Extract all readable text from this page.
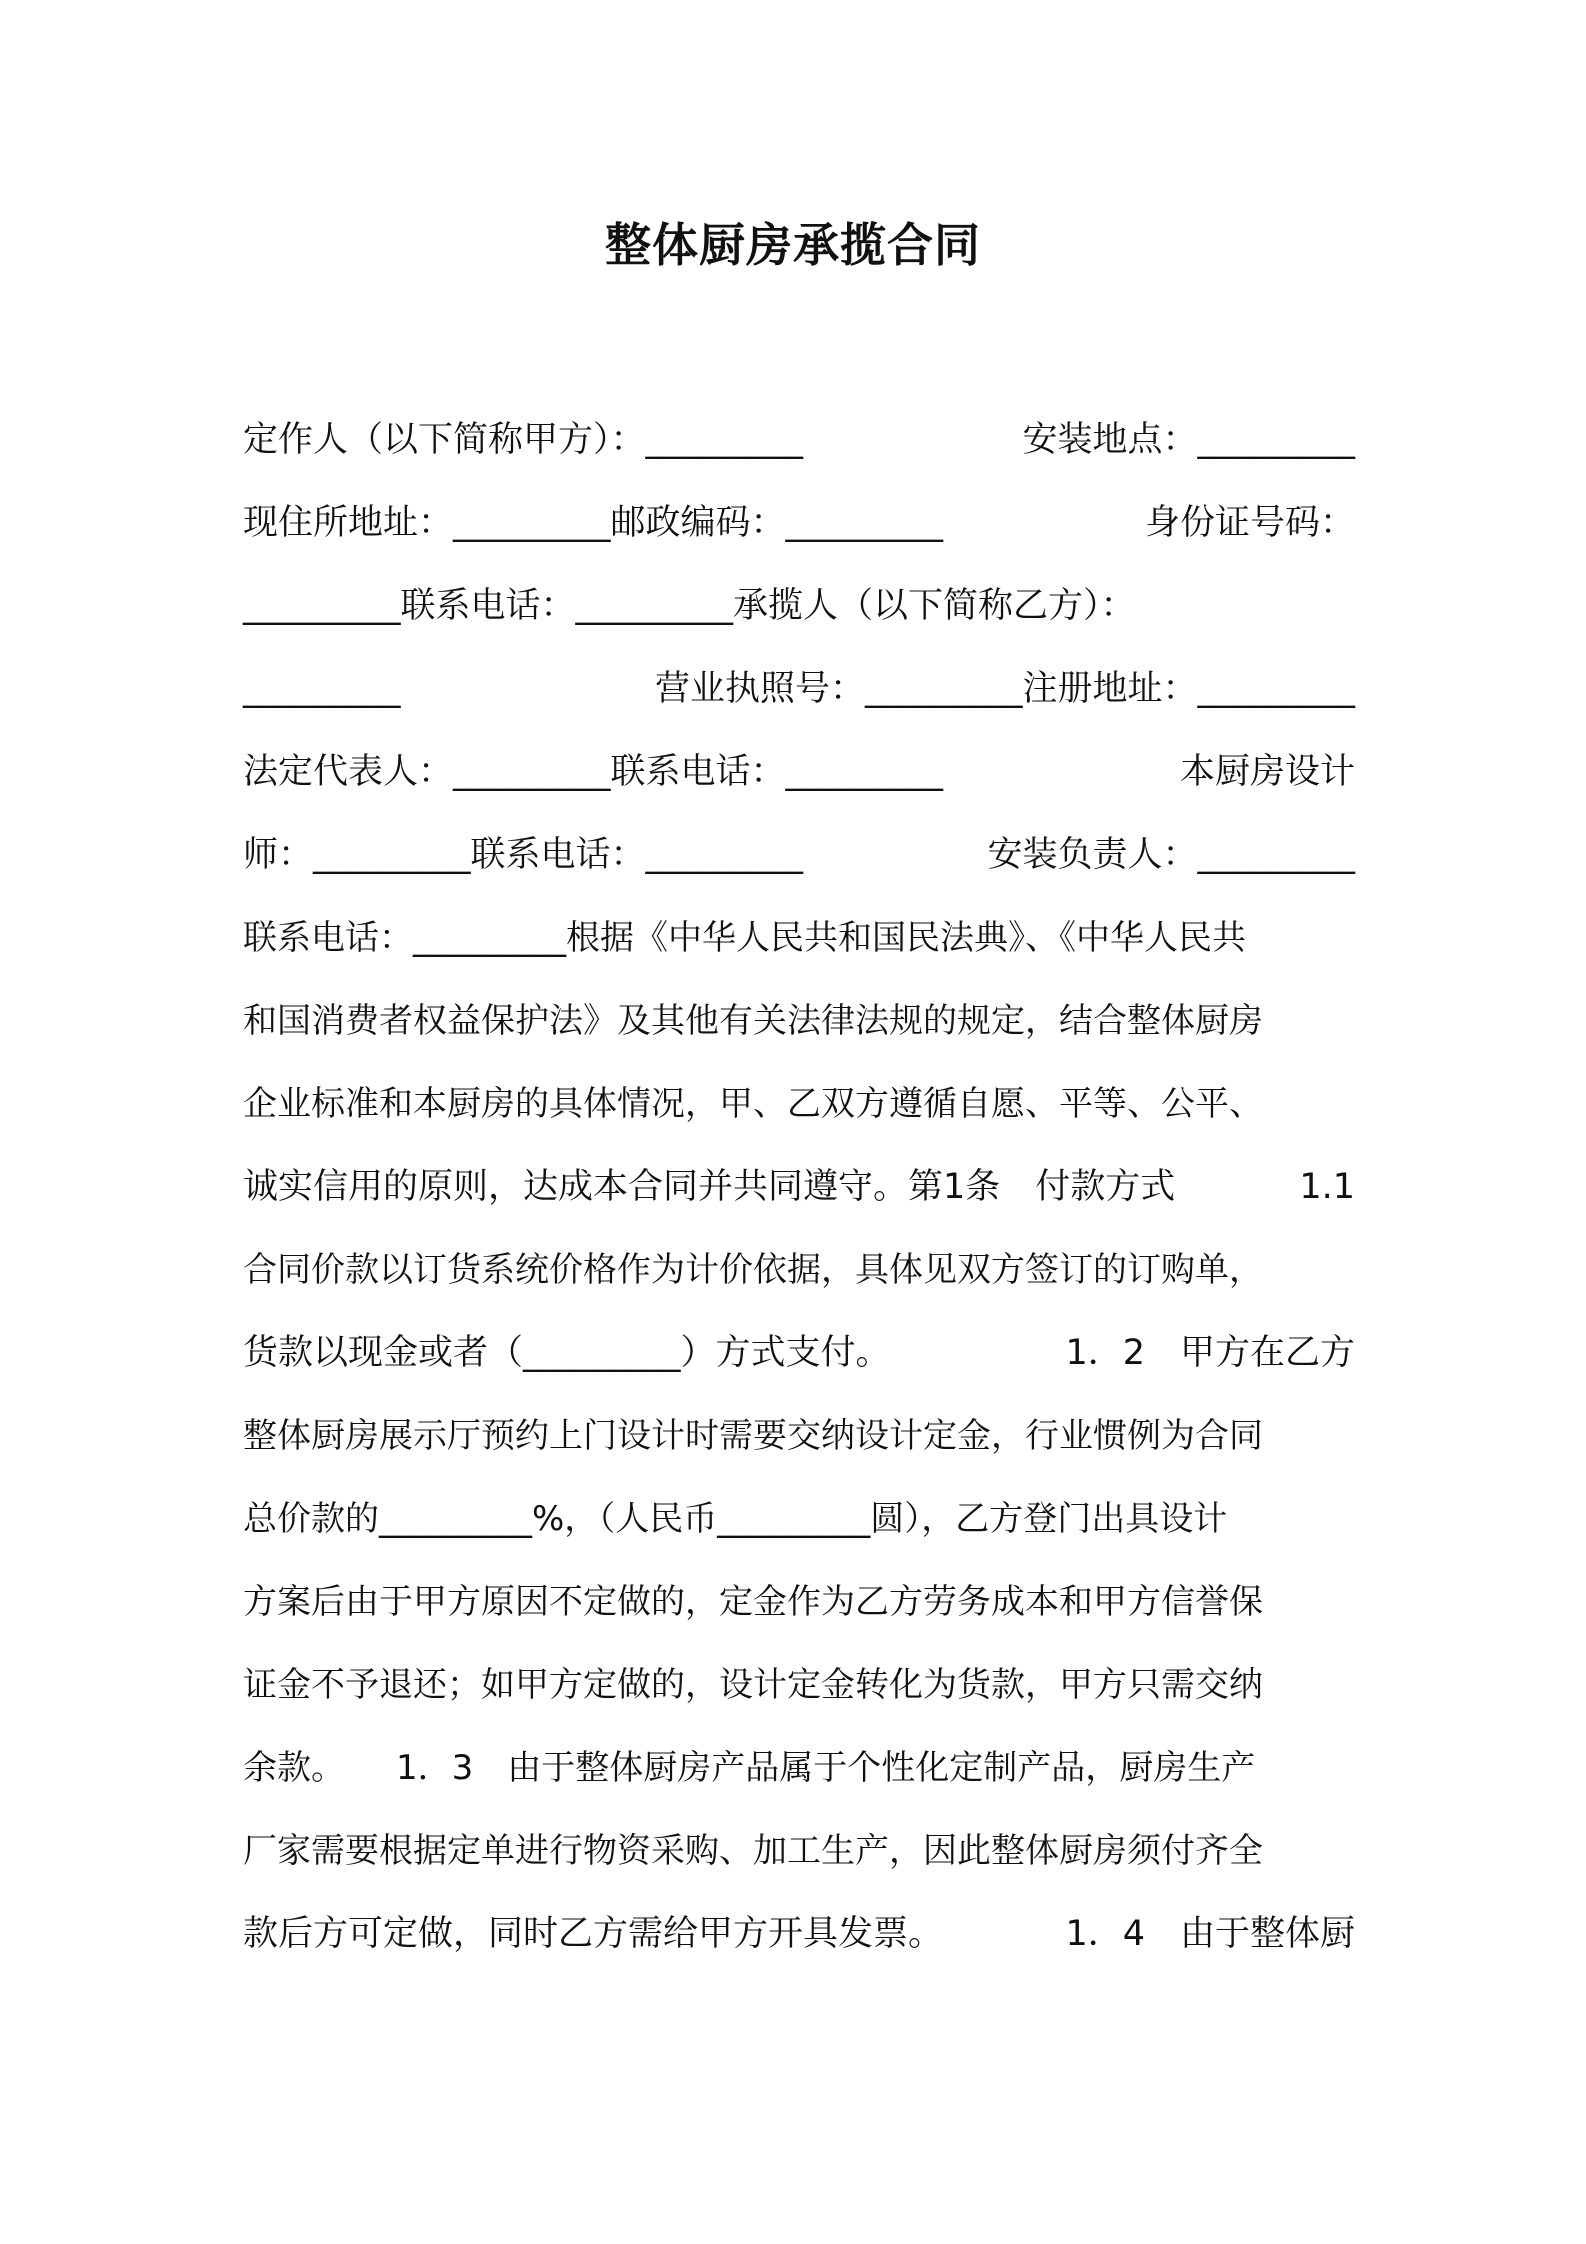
整体厨房承揽合同
定作人（以下简称甲方）：_________	安装地点：_________
现住所地址：_________邮政编码：_________	身份证号码：
_________联系电话：_________承揽人（以下简称乙方）：
_________	营业执照号：_________注册地址：_________
法定代表人：_________联系电话：_________	本厨房设计
师：_________联系电话：_________	安装负责人：_________
联系电话：_________根据《中华人民共和国民法典》、《中华人民共
和国消费者权益保护法》及其他有关法律法规的规定，结合整体厨房
企业标准和本厨房的具体情况，甲、乙双方遵循自愿、平等、公平、
诚实信用的原则，达成本合同并共同遵守。第1条　付款方式	1.1
合同价款以订货系统价格作为计价依据，具体见双方签订的订购单，
货款以现金或者（_________）方式支付。	1．2　甲方在乙方
整体厨房展示厅预约上门设计时需要交纳设计定金，行业惯例为合同
总价款的_________%，（人民币_________圆），乙方登门出具设计
方案后由于甲方原因不定做的，定金作为乙方劳务成本和甲方信誉保
证金不予退还；如甲方定做的，设计定金转化为货款，甲方只需交纳
余款。　　1．3　由于整体厨房产品属于个性化定制产品，厨房生产
厂家需要根据定单进行物资采购、加工生产，因此整体厨房须付齐全
款后方可定做，同时乙方需给甲方开具发票。	1．4　由于整体厨
